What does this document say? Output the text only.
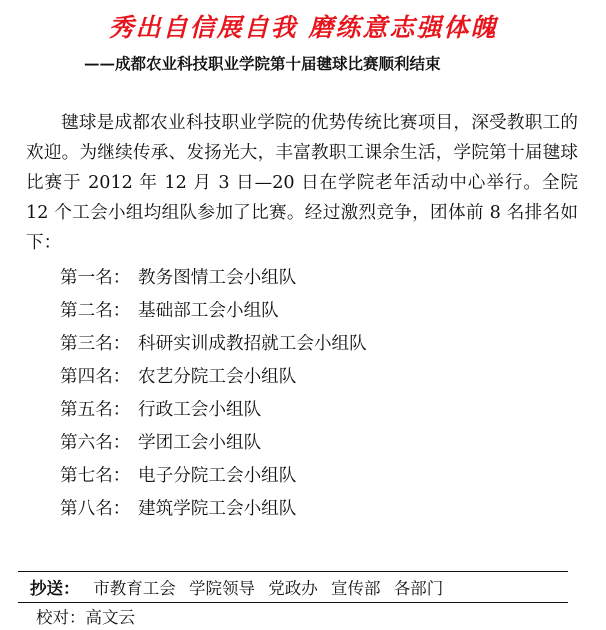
秀出自信展自我 磨练意志强体魄
——成都农业科技职业学院第十届毽球比赛顺利结束
毽球是成都农业科技职业学院的优势传统比赛项目，深受教职工的欢迎。为继续传承、发扬光大，丰富教职工课余生活，学院第十届毽球比赛于 2012 年 12 月 3 日—20 日在学院老年活动中心举行。全院 12 个工会小组均组队参加了比赛。经过激烈竞争，团体前 8 名排名如下：
第一名： 教务图情工会小组队
第二名： 基础部工会小组队
第三名： 科研实训成教招就工会小组队
第四名： 农艺分院工会小组队
第五名： 行政工会小组队
第六名： 学团工会小组队
第七名： 电子分院工会小组队
第八名： 建筑学院工会小组队
抄送： 市教育工会 学院领导 党政办 宣传部 各部门
校对：高文云
